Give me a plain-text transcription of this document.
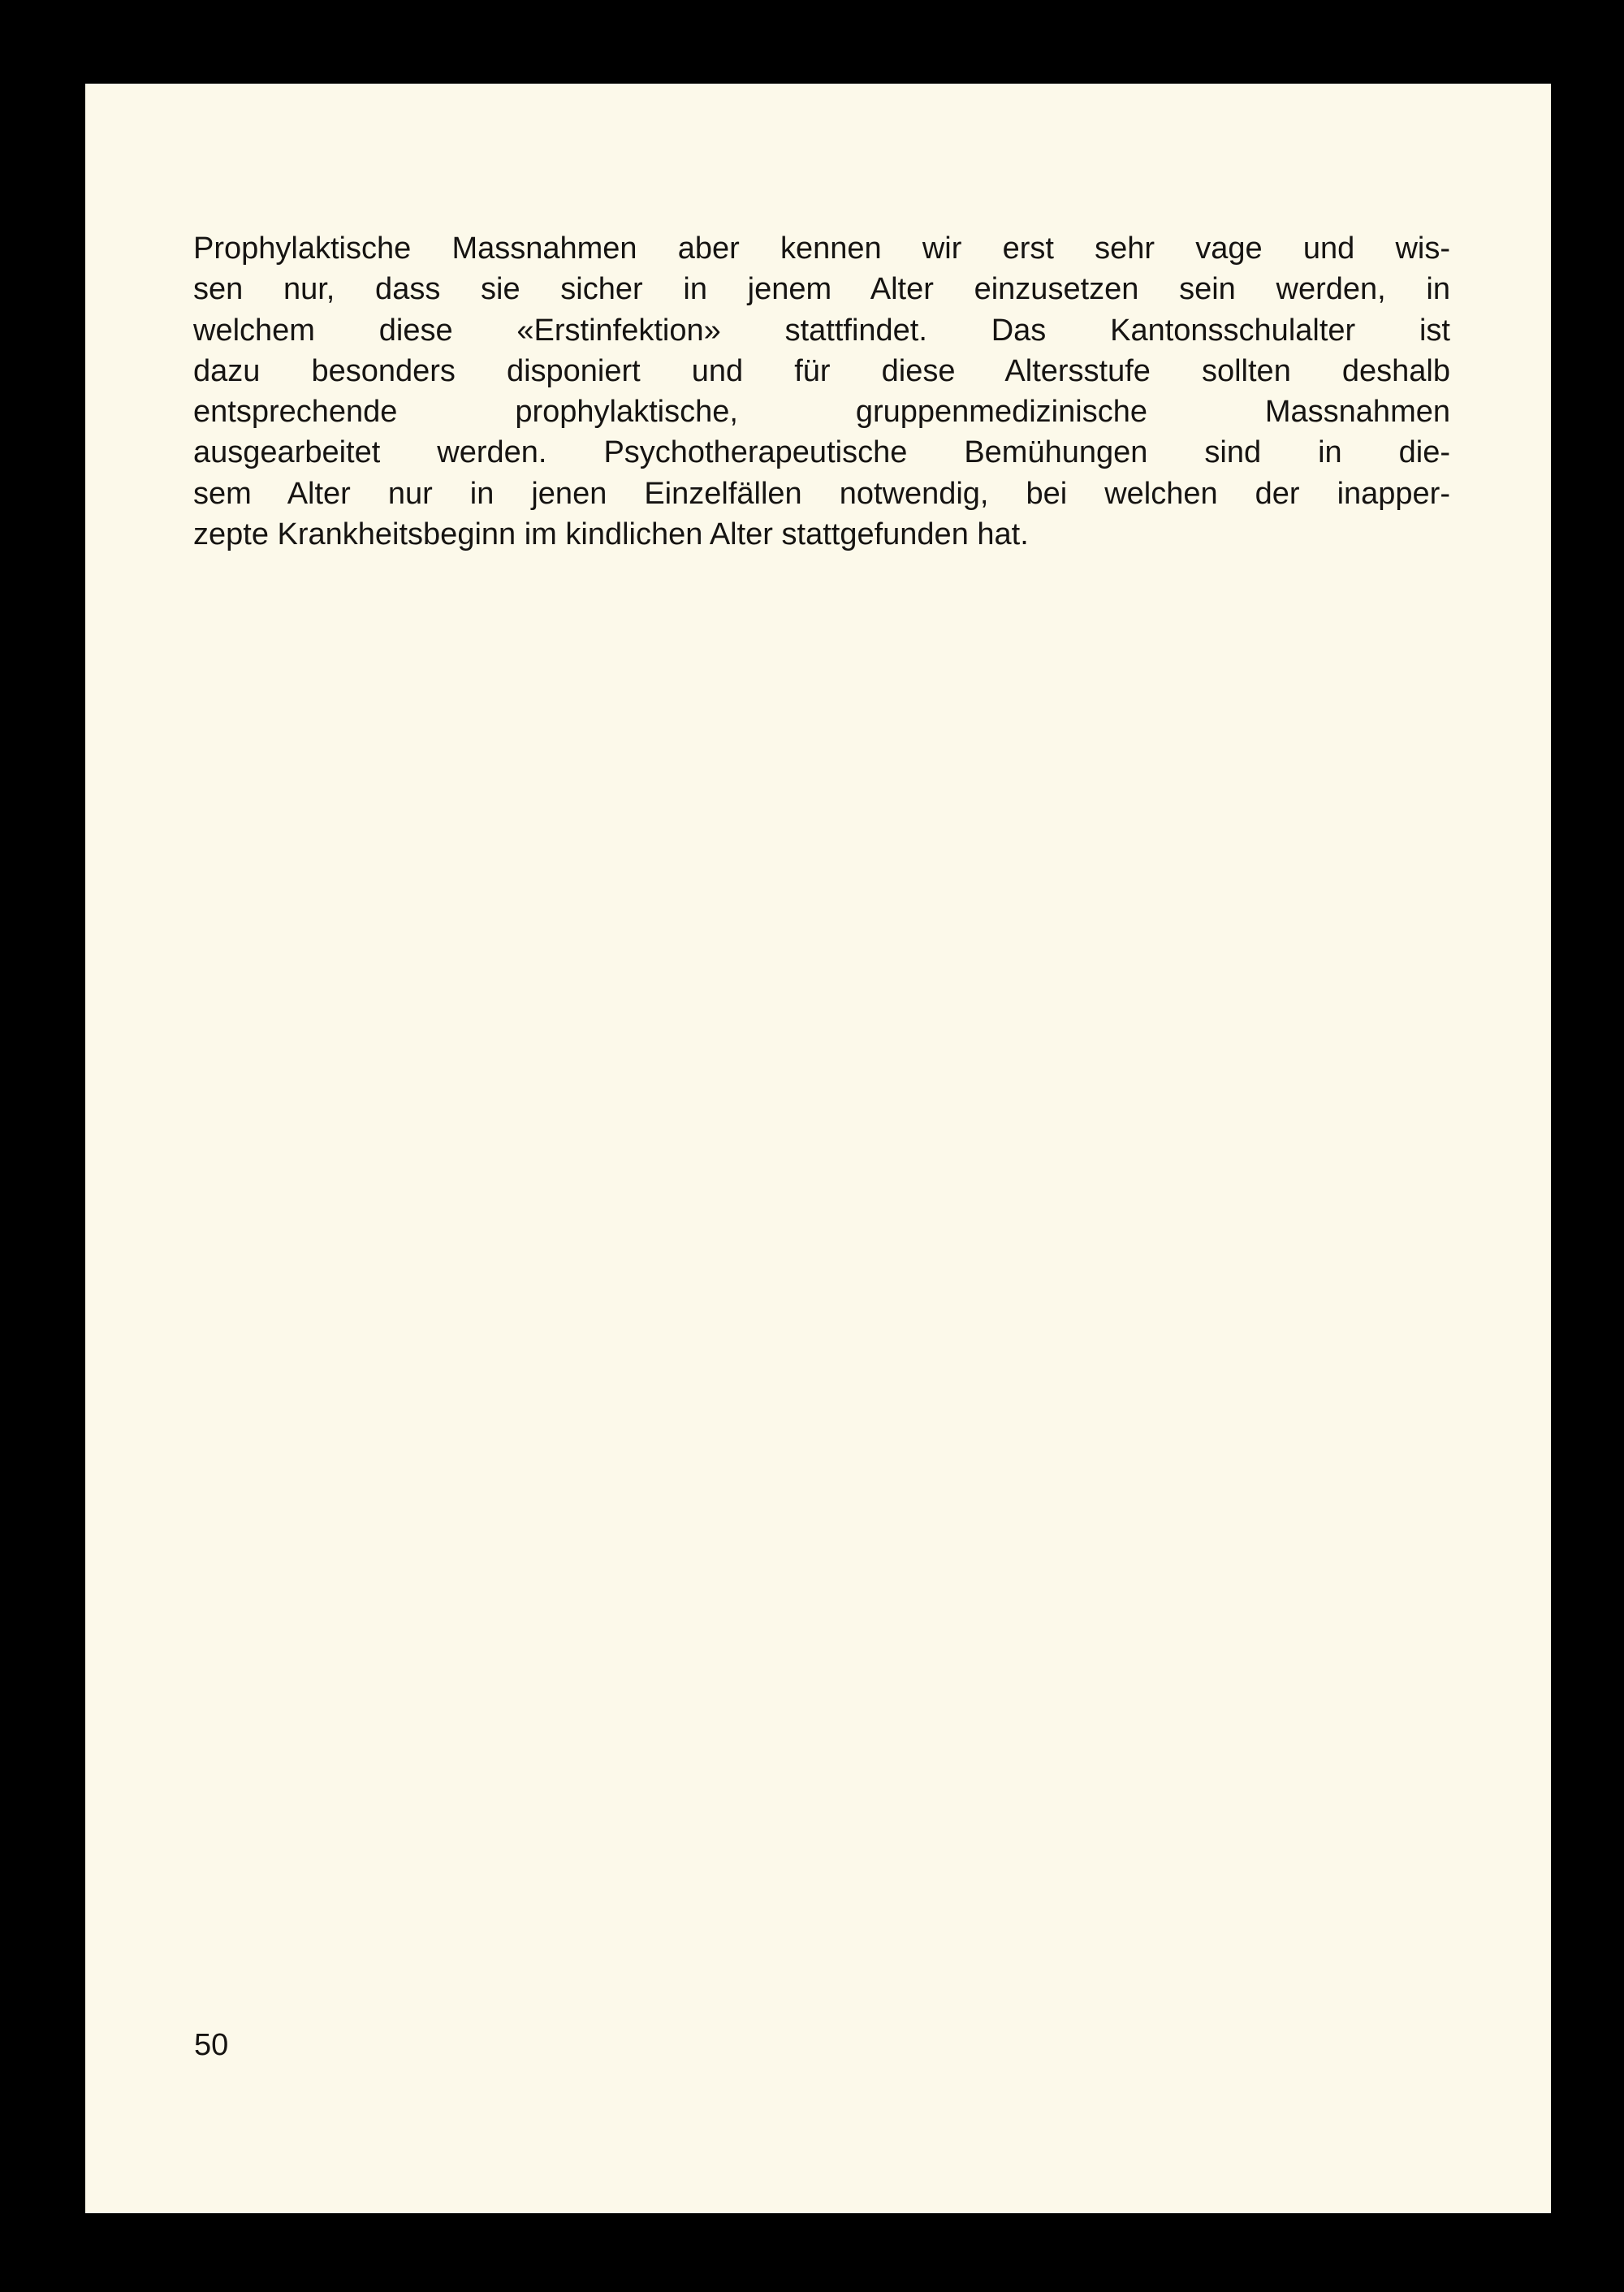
Prophylaktische Massnahmen aber kennen wir erst sehr vage und wis-
sen nur, dass sie sicher in jenem Alter einzusetzen sein werden, in
welchem diese «Erstinfektion» stattfindet. Das Kantonsschulalter ist
dazu besonders disponiert und für diese Altersstufe sollten deshalb
entsprechende prophylaktische, gruppenmedizinische Massnahmen
ausgearbeitet werden. Psychotherapeutische Bemühungen sind in die-
sem Alter nur in jenen Einzelfällen notwendig, bei welchen der inapper-
zepte Krankheitsbeginn im kindlichen Alter stattgefunden hat.

50
